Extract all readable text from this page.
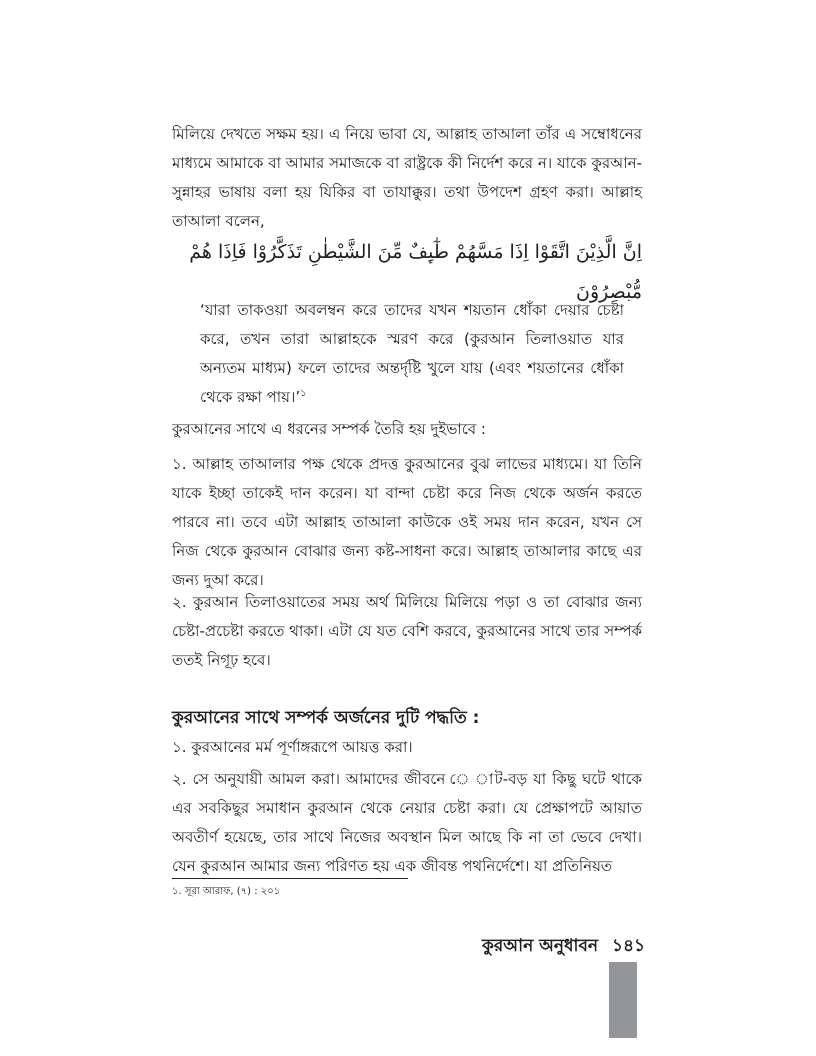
মিলিয়ে দেখতে সক্ষম হয়। এ নিয়ে ভাবা যে, আল্লাহ তাআলা তাঁর এ সম্বোধনের মাধ্যমে আমাকে বা আমার সমাজকে বা রাষ্ট্রকে কী নির্দেশ করে ন। যাকে কুরআন-সুন্নাহর ভাষায় বলা হয় যিকির বা তাযাক্কুর। তথা উপদেশ গ্রহণ করা। আল্লাহ তাআলা বলেন,

اِنَّ الَّذِيْنَ اتَّقَوْا اِذَا مَسَّهُمْ طٰٓىِٕفٌ مِّنَ الشَّيْطٰنِ تَذَكَّرُوْا فَاِذَا هُمْ مُّبْصِرُوْنَ

‘যারা তাকওয়া অবলম্বন করে তাদের যখন শয়তান ধোঁকা দেয়ার চেষ্টা করে, তখন তারা আল্লাহকে স্মরণ করে (কুরআন তিলাওয়াত যার অন্যতম মাধ্যম) ফলে তাদের অন্তর্দৃষ্টি খুলে যায় (এবং শয়তানের ধোঁকা থেকে রক্ষা পায়।’$^১$

কুরআনের সাথে এ ধরনের সম্পর্ক তৈরি হয় দুইভাবে :

১. আল্লাহ তাআলার পক্ষ থেকে প্রদত্ত কুরআনের বুঝ লাভের মাধ্যমে। যা তিনি যাকে ইচ্ছা তাকেই দান করেন। যা বান্দা চেষ্টা করে নিজ থেকে অর্জন করতে পারবে না। তবে এটা আল্লাহ তাআলা কাউকে ওই সময় দান করেন, যখন সে নিজ থেকে কুরআন বোঝার জন্য কষ্ট-সাধনা করে। আল্লাহ তাআলার কাছে এর জন্য দুআ করে।

২. কুরআন তিলাওয়াতের সময় অর্থ মিলিয়ে মিলিয়ে পড়া ও তা বোঝার জন্য চেষ্টা-প্রচেষ্টা করতে থাকা। এটা যে যত বেশি করবে, কুরআনের সাথে তার সম্পর্ক ততই নিগূঢ় হবে।

কুরআনের সাথে সম্পর্ক অর্জনের দুটি পদ্ধতি :

১. কুরআনের মর্ম পূর্ণাঙ্গরূপে আয়ত্ত করা।

২. সে অনুযায়ী আমল করা। আমাদের জীবনে ে াট-বড় যা কিছু ঘটে থাকে এর সবকিছুর সমাধান কুরআন থেকে নেয়ার চেষ্টা করা। যে প্রেক্ষাপটে আয়াত অবতীর্ণ হয়েছে, তার সাথে নিজের অবস্থান মিল আছে কি না তা ভেবে দেখা। যেন কুরআন আমার জন্য পরিণত হয় এক জীবন্ত পথনির্দেশে। যা প্রতিনিয়ত

১. সূরা আরাফ, (৭) : ২০১

কুরআন অনুধাবন ১৪১
